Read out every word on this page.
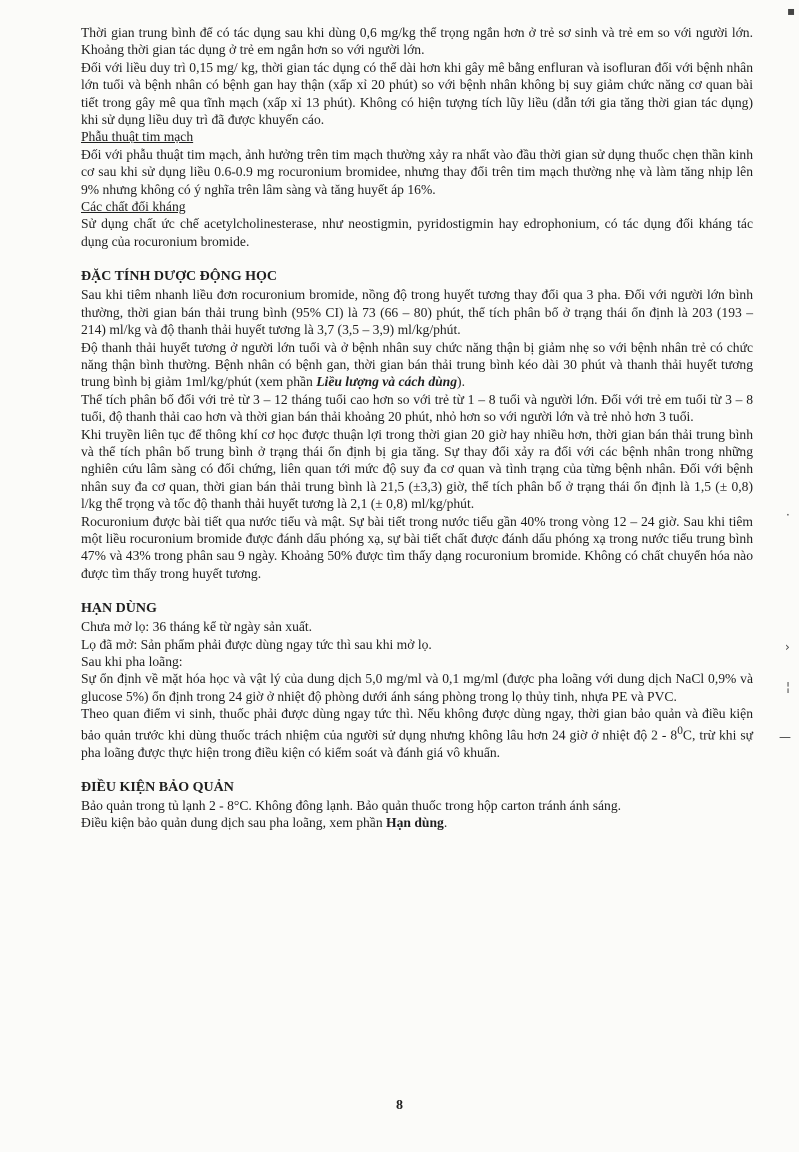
Thời gian trung bình để có tác dụng sau khi dùng 0,6 mg/kg thể trọng ngắn hơn ở trẻ sơ sinh và trẻ em so với người lớn. Khoảng thời gian tác dụng ở trẻ em ngắn hơn so với người lớn.

Đối với liều duy trì 0,15 mg/ kg, thời gian tác dụng có thể dài hơn khi gây mê bằng enfluran và isofluran đối với bệnh nhân lớn tuổi và bệnh nhân có bệnh gan hay thận (xấp xỉ 20 phút) so với bệnh nhân không bị suy giảm chức năng cơ quan bài tiết trong gây mê qua tĩnh mạch (xấp xỉ 13 phút). Không có hiện tượng tích lũy liều (dẫn tới gia tăng thời gian tác dụng) khi sử dụng liều duy trì đã được khuyến cáo.

Phẫu thuật tim mạch

Đối với phẫu thuật tim mạch, ảnh hưởng trên tim mạch thường xảy ra nhất vào đầu thời gian sử dụng thuốc chẹn thần kinh cơ sau khi sử dụng liều 0.6-0.9 mg rocuronium bromidee, nhưng thay đổi trên tim mạch thường nhẹ và làm tăng nhịp lên 9% nhưng không có ý nghĩa trên lâm sàng và tăng huyết áp 16%.

Các chất đối kháng

Sử dụng chất ức chế acetylcholinesterase, như neostigmin, pyridostigmin hay edrophonium, có tác dụng đối kháng tác dụng của rocuronium bromide.

ĐẶC TÍNH DƯỢC ĐỘNG HỌC

Sau khi tiêm nhanh liều đơn rocuronium bromide, nồng độ trong huyết tương thay đổi qua 3 pha. Đối với người lớn bình thường, thời gian bán thải trung bình (95% CI) là 73 (66 – 80) phút, thể tích phân bố ở trạng thái ổn định là 203 (193 – 214) ml/kg và độ thanh thải huyết tương là 3,7 (3,5 – 3,9) ml/kg/phút.

Độ thanh thải huyết tương ở người lớn tuổi và ở bệnh nhân suy chức năng thận bị giảm nhẹ so với bệnh nhân trẻ có chức năng thận bình thường. Bệnh nhân có bệnh gan, thời gian bán thải trung bình kéo dài 30 phút và thanh thải huyết tương trung bình bị giảm 1ml/kg/phút (xem phần Liều lượng và cách dùng).

Thể tích phân bố đối với trẻ từ 3 – 12 tháng tuổi cao hơn so với trẻ từ 1 – 8 tuổi và người lớn. Đối với trẻ em tuổi từ 3 – 8 tuổi, độ thanh thải cao hơn và thời gian bán thải khoảng 20 phút, nhỏ hơn so với người lớn và trẻ nhỏ hơn 3 tuổi.

Khi truyền liên tục để thông khí cơ học được thuận lợi trong thời gian 20 giờ hay nhiều hơn, thời gian bán thải trung bình và thể tích phân bố trung bình ở trạng thái ổn định bị gia tăng. Sự thay đổi xảy ra đối với các bệnh nhân trong những nghiên cứu lâm sàng có đối chứng, liên quan tới mức độ suy đa cơ quan và tình trạng của từng bệnh nhân. Đối với bệnh nhân suy đa cơ quan, thời gian bán thải trung bình là 21,5 (±3,3) giờ, thể tích phân bố ở trạng thái ổn định là 1,5 (± 0,8) l/kg thể trọng và tốc độ thanh thải huyết tương là 2,1 (± 0,8) ml/kg/phút.

Rocuronium được bài tiết qua nước tiểu và mật. Sự bài tiết trong nước tiểu gần 40% trong vòng 12 – 24 giờ. Sau khi tiêm một liều rocuronium bromide được đánh dấu phóng xạ, sự bài tiết chất được đánh dấu phóng xạ trong nước tiểu trung bình 47% và 43% trong phân sau 9 ngày. Khoảng 50% được tìm thấy dạng rocuronium bromide. Không có chất chuyển hóa nào được tìm thấy trong huyết tương.

HẠN DÙNG

Chưa mở lọ: 36 tháng kể từ ngày sản xuất.

Lọ đã mở: Sản phẩm phải được dùng ngay tức thì sau khi mở lọ.

Sau khi pha loãng:

Sự ổn định về mặt hóa học và vật lý của dung dịch 5,0 mg/ml và 0,1 mg/ml (được pha loãng với dung dịch NaCl 0,9% và glucose 5%) ổn định trong 24 giờ ở nhiệt độ phòng dưới ánh sáng phòng trong lọ thủy tinh, nhựa PE và PVC.

Theo quan điểm vi sinh, thuốc phải được dùng ngay tức thì. Nếu không được dùng ngay, thời gian bảo quản và điều kiện bảo quản trước khi dùng thuốc trách nhiệm của người sử dụng nhưng không lâu hơn 24 giờ ở nhiệt độ $2 - 8^0C$, trừ khi sự pha loãng được thực hiện trong điều kiện có kiểm soát và đánh giá vô khuẩn.

ĐIỀU KIỆN BẢO QUẢN

Bảo quản trong tủ lạnh 2 - 8°C. Không đông lạnh. Bảo quản thuốc trong hộp carton tránh ánh sáng.

Điều kiện bảo quản dung dịch sau pha loãng, xem phần Hạn dùng.

8
▪
·
›
¦
—
